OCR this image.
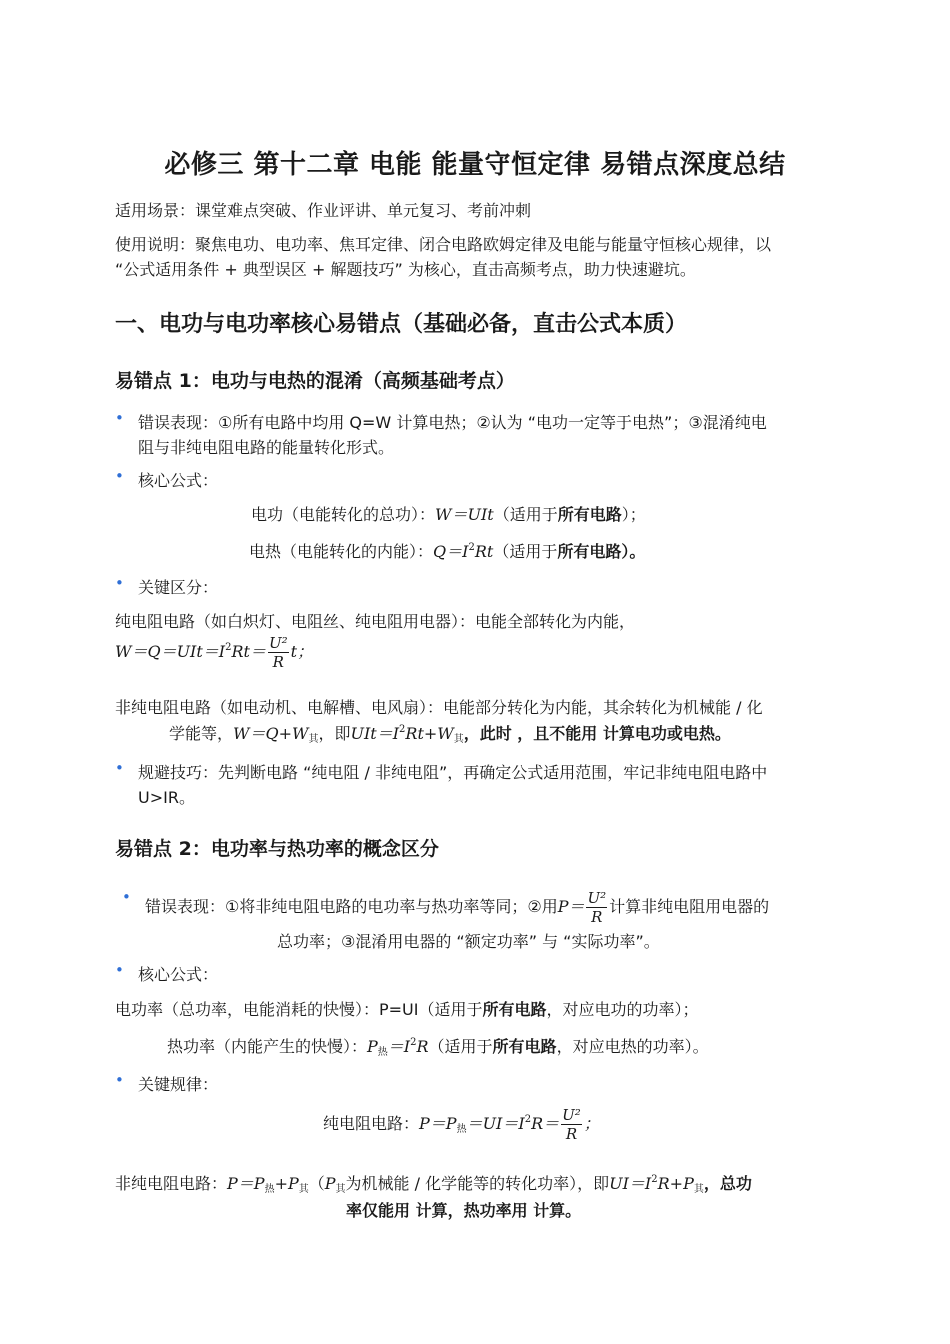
必修三 第十二章 电能 能量守恒定律 易错点深度总结
适用场景：课堂难点突破、作业评讲、单元复习、考前冲刺
使用说明：聚焦电功、电功率、焦耳定律、闭合电路欧姆定律及电能与能量守恒核心规律，以
“公式适用条件 + 典型误区 + 解题技巧” 为核心，直击高频考点，助力快速避坑。
一、电功与电功率核心易错点（基础必备，直击公式本质）
易错点 1：电功与电热的混淆（高频基础考点）
• 错误表现：①所有电路中均用 Q=W 计算电热；②认为 “电功一定等于电热”；③混淆纯电
阻与非纯电阻电路的能量转化形式。
• 核心公式：
电功（电能转化的总功）：W＝UIt（适用于所有电路）；
电热（电能转化的内能）：$Q=I^2Rt$（适用于所有电路）。
• 关键区分：
纯电阻电路（如白炽灯、电阻丝、纯电阻用电器）：电能全部转化为内能，
$W=Q=UIt=I^2Rt= \frac{\text{U²}}{R}$ t；
非纯电阻电路（如电动机、电解槽、电风扇）：电能部分转化为内能，其余转化为机械能 / 化
学能等，$W=Q+W_其$，即$UIt=I^2Rt+W_其$，此时 ，且不能用 计算电功或电热。
• 规避技巧：先判断电路 “纯电阻 / 非纯电阻”，再确定公式适用范围，牢记非纯电阻电路中
U>IR。
易错点 2：电功率与热功率的概念区分
• 错误表现：①将非纯电阻电路的电功率与热功率等同；②用$P= \frac{\text{U²}}{R}$ 计算非纯电阻用电器的
总功率；③混淆用电器的 “额定功率” 与 “实际功率”。
• 核心公式：
电功率（总功率，电能消耗的快慢）：P=UI（适用于所有电路，对应电功的功率）；
热功率（内能产生的快慢）：$P_热=I^2R$（适用于所有电路，对应电热的功率）。
• 关键规律：
纯电阻电路：$P=P_热=UI=I^2R= \frac{\text{U²}}{R}$ ；
非纯电阻电路：$P=P_热+P_其(P_其$为机械能 / 化学能等的转化功率），即$UI=I^2R+P_其$，总功
率仅能用 计算，热功率用 计算。
